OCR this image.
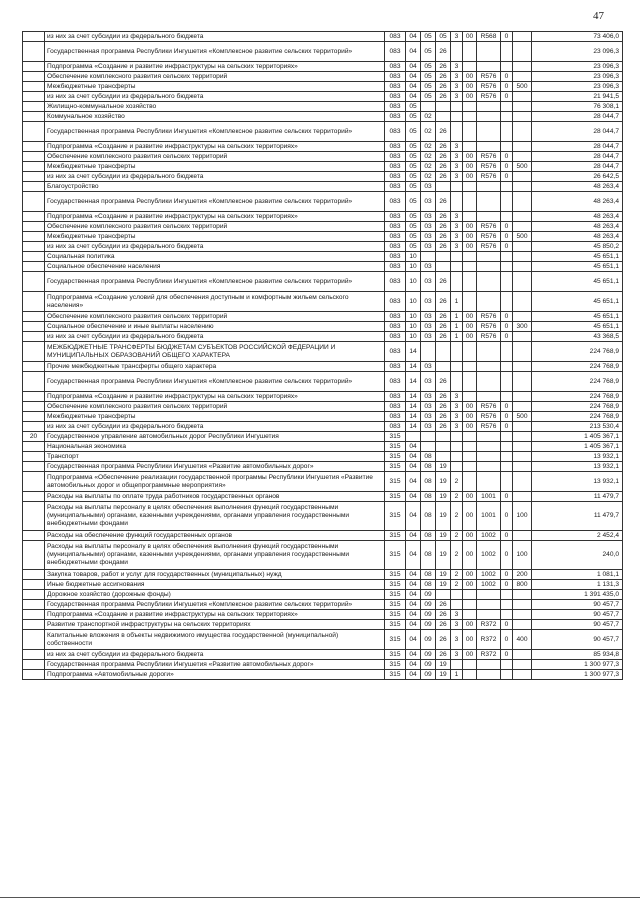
47
	из них за счет субсидии из федерального бюджета	083	04	05	05	3	00	R568	0		73 406,0
	Государственная программа Республики Ингушетия «Комплексное развитие сельских территорий»	083	04	05	26						23 096,3
	Подпрограмма «Создание и развитие инфраструктуры на сельских территориях»	083	04	05	26	3					23 096,3
	Обеспечение комплексного развития сельских территорий	083	04	05	26	3	00	R576	0		23 096,3
	Межбюджетные трансферты	083	04	05	26	3	00	R576	0	500	23 096,3
	из них за счет субсидии из федерального бюджета	083	04	05	26	3	00	R576	0		21 941,5
	Жилищно-коммунальное хозяйство	083	05								76 308,1
	Коммунальное хозяйство	083	05	02							28 044,7
	Государственная программа Республики Ингушетия «Комплексное развитие сельских территорий»	083	05	02	26						28 044,7
	Подпрограмма «Создание и развитие инфраструктуры на сельских территориях»	083	05	02	26	3					28 044,7
	Обеспечение комплексного развития сельских территорий	083	05	02	26	3	00	R576	0		28 044,7
	Межбюджетные трансферты	083	05	02	26	3	00	R576	0	500	28 044,7
	из них за счет субсидии из федерального бюджета	083	05	02	26	3	00	R576	0		26 642,5
	Благоустройство	083	05	03							48 263,4
	Государственная программа Республики Ингушетия «Комплексное развитие сельских территорий»	083	05	03	26						48 263,4
	Подпрограмма «Создание и развитие инфраструктуры на сельских территориях»	083	05	03	26	3					48 263,4
	Обеспечение комплексного развития сельских территорий	083	05	03	26	3	00	R576	0		48 263,4
	Межбюджетные трансферты	083	05	03	26	3	00	R576	0	500	48 263,4
	из них за счет субсидии из федерального бюджета	083	05	03	26	3	00	R576	0		45 850,2
	Социальная политика	083	10								45 651,1
	Социальное обеспечение населения	083	10	03							45 651,1
	Государственная программа Республики Ингушетия «Комплексное развитие сельских территорий»	083	10	03	26						45 651,1
	Подпрограмма «Создание условий для обеспечения доступным и комфортным жильем сельского населения»	083	10	03	26	1					45 651,1
	Обеспечение комплексного развития сельских территорий	083	10	03	26	1	00	R576	0		45 651,1
	Социальное обеспечение и иные выплаты населению	083	10	03	26	1	00	R576	0	300	45 651,1
	из них за счет субсидии из федерального бюджета	083	10	03	26	1	00	R576	0		43 368,5
	МЕЖБЮДЖЕТНЫЕ ТРАНСФЕРТЫ БЮДЖЕТАМ СУБЪЕКТОВ РОССИЙСКОЙ ФЕДЕРАЦИИ И МУНИЦИПАЛЬНЫХ ОБРАЗОВАНИЙ ОБЩЕГО ХАРАКТЕРА	083	14								224 768,9
	Прочие межбюджетные трансферты общего характера	083	14	03							224 768,9
	Государственная программа Республики Ингушетия «Комплексное развитие сельских территорий»	083	14	03	26						224 768,9
	Подпрограмма «Создание и развитие инфраструктуры на сельских территориях»	083	14	03	26	3					224 768,9
	Обеспечение комплексного развития сельских территорий	083	14	03	26	3	00	R576	0		224 768,9
	Межбюджетные трансферты	083	14	03	26	3	00	R576	0	500	224 768,9
	из них за счет субсидии из федерального бюджета	083	14	03	26	3	00	R576	0		213 530,4
20	Государственное управление автомобильных дорог Республики Ингушетия	315									1 405 367,1
	Национальная экономика	315	04								1 405 367,1
	Транспорт	315	04	08							13 932,1
	Государственная программа Республики Ингушетия «Развитие автомобильных дорог»	315	04	08	19						13 932,1
	Подпрограмма «Обеспечение реализации государственной программы Республики Ингушетия «Развитие автомобильных дорог и общепрограммные мероприятия»	315	04	08	19	2					13 932,1
	Расходы на выплаты по оплате труда работников государственных органов	315	04	08	19	2	00	1001	0		11 479,7
	Расходы на выплаты персоналу в целях обеспечения выполнения функций государственными (муниципальными) органами, казенными учреждениями, органами управления государственными внебюджетными фондами	315	04	08	19	2	00	1001	0	100	11 479,7
	Расходы на обеспечение функций государственных органов	315	04	08	19	2	00	1002	0		2 452,4
	Расходы на выплаты персоналу в целях обеспечения выполнения функций государственными (муниципальными) органами, казенными учреждениями, органами управления государственными внебюджетными фондами	315	04	08	19	2	00	1002	0	100	240,0
	Закупка товаров, работ и услуг для государственных (муниципальных) нужд	315	04	08	19	2	00	1002	0	200	1 081,1
	Иные бюджетные ассигнования	315	04	08	19	2	00	1002	0	800	1 131,3
	Дорожное хозяйство (дорожные фонды)	315	04	09							1 391 435,0
	Государственная программа Республики Ингушетия «Комплексное развитие сельских территорий»	315	04	09	26						90 457,7
	Подпрограмма «Создание и развитие инфраструктуры на сельских территориях»	315	04	09	26	3					90 457,7
	Развитие транспортной инфраструктуры на сельских территориях	315	04	09	26	3	00	R372	0		90 457,7
	Капитальные вложения в объекты недвижимого имущества государственной (муниципальной) собственности	315	04	09	26	3	00	R372	0	400	90 457,7
	из них за счет субсидии из федерального бюджета	315	04	09	26	3	00	R372	0		85 934,8
	Государственная программа Республики Ингушетия «Развитие автомобильных дорог»	315	04	09	19						1 300 977,3
	Подпрограмма «Автомобильные дороги»	315	04	09	19	1					1 300 977,3
